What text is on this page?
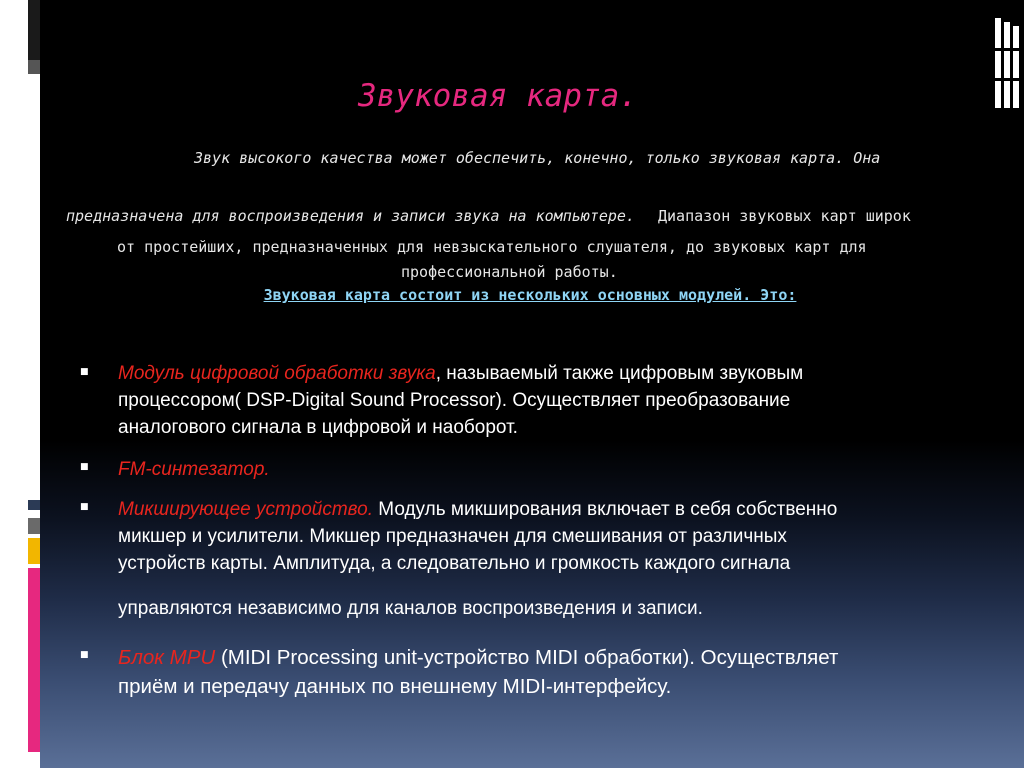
Звуковая карта.
Звук высокого качества может обеспечить, конечно, только звуковая карта. Она
предназначена для воспроизведения и записи звука на компьютере. Диапазон звуковых карт широк
от простейших, предназначенных для невзыскательного слушателя, до звуковых карт для
профессиональной работы.
Звуковая карта состоит из нескольких основных модулей. Это:
■ Модуль цифровой обработки звука, называемый также цифровым звуковым
процессором( DSP-Digital Sound Processor). Осуществляет преобразование
аналогового сигнала в цифровой и наоборот.
■ FM-синтезатор.
■ Микширующее устройство. Модуль микширования включает в себя собственно
микшер и усилители. Микшер предназначен для смешивания от различных
устройств карты. Амплитуда, а следовательно и громкость каждого сигнала
управляются независимо для каналов воспроизведения и записи.
■ Блок MPU (MIDI Processing unit-устройство MIDI обработки). Осуществляет
приём и передачу данных по внешнему MIDI-интерфейсу.
